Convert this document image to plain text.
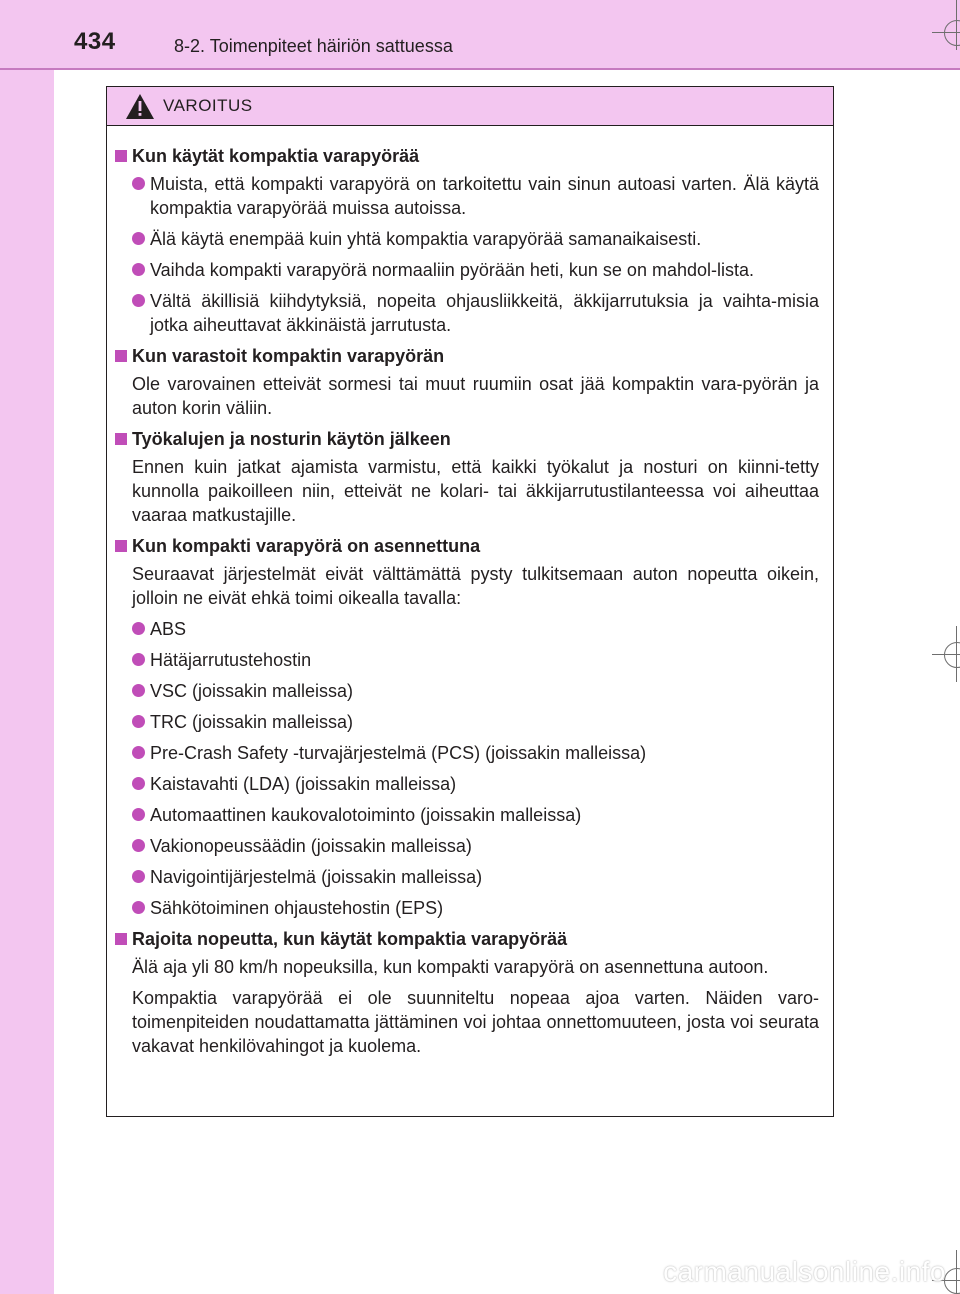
434	8-2. Toimenpiteet häiriön sattuessa
VAROITUS
Kun käytät kompaktia varapyörää
Muista, että kompakti varapyörä on tarkoitettu vain sinun autoasi varten. Älä käytä kompaktia varapyörää muissa autoissa.
Älä käytä enempää kuin yhtä kompaktia varapyörää samanaikaisesti.
Vaihda kompakti varapyörä normaaliin pyörään heti, kun se on mahdol-lista.
Vältä äkillisiä kiihdytyksiä, nopeita ohjausliikkeitä, äkkijarrutuksia ja vaihta-misia jotka aiheuttavat äkkinäistä jarrutusta.
Kun varastoit kompaktin varapyörän
Ole varovainen etteivät sormesi tai muut ruumiin osat jää kompaktin vara-pyörän ja auton korin väliin.
Työkalujen ja nosturin käytön jälkeen
Ennen kuin jatkat ajamista varmistu, että kaikki työkalut ja nosturi on kiinni-tetty kunnolla paikoilleen niin, etteivät ne kolari- tai äkkijarrutustilanteessa voi aiheuttaa vaaraa matkustajille.
Kun kompakti varapyörä on asennettuna
Seuraavat järjestelmät eivät välttämättä pysty tulkitsemaan auton nopeutta oikein, jolloin ne eivät ehkä toimi oikealla tavalla:
ABS
Hätäjarrutustehostin
VSC (joissakin malleissa)
TRC (joissakin malleissa)
Pre-Crash Safety -turvajärjestelmä (PCS) (joissakin malleissa)
Kaistavahti (LDA) (joissakin malleissa)
Automaattinen kaukovalotoiminto (joissakin malleissa)
Vakionopeussäädin (joissakin malleissa)
Navigointijärjestelmä (joissakin malleissa)
Sähkötoiminen ohjaustehostin (EPS)
Rajoita nopeutta, kun käytät kompaktia varapyörää
Älä aja yli 80 km/h nopeuksilla, kun kompakti varapyörä on asennettuna autoon.
Kompaktia varapyörää ei ole suunniteltu nopeaa ajoa varten. Näiden varo-toimenpiteiden noudattamatta jättäminen voi johtaa onnettomuuteen, josta voi seurata vakavat henkilövahingot ja kuolema.
carmanualsonline.info
